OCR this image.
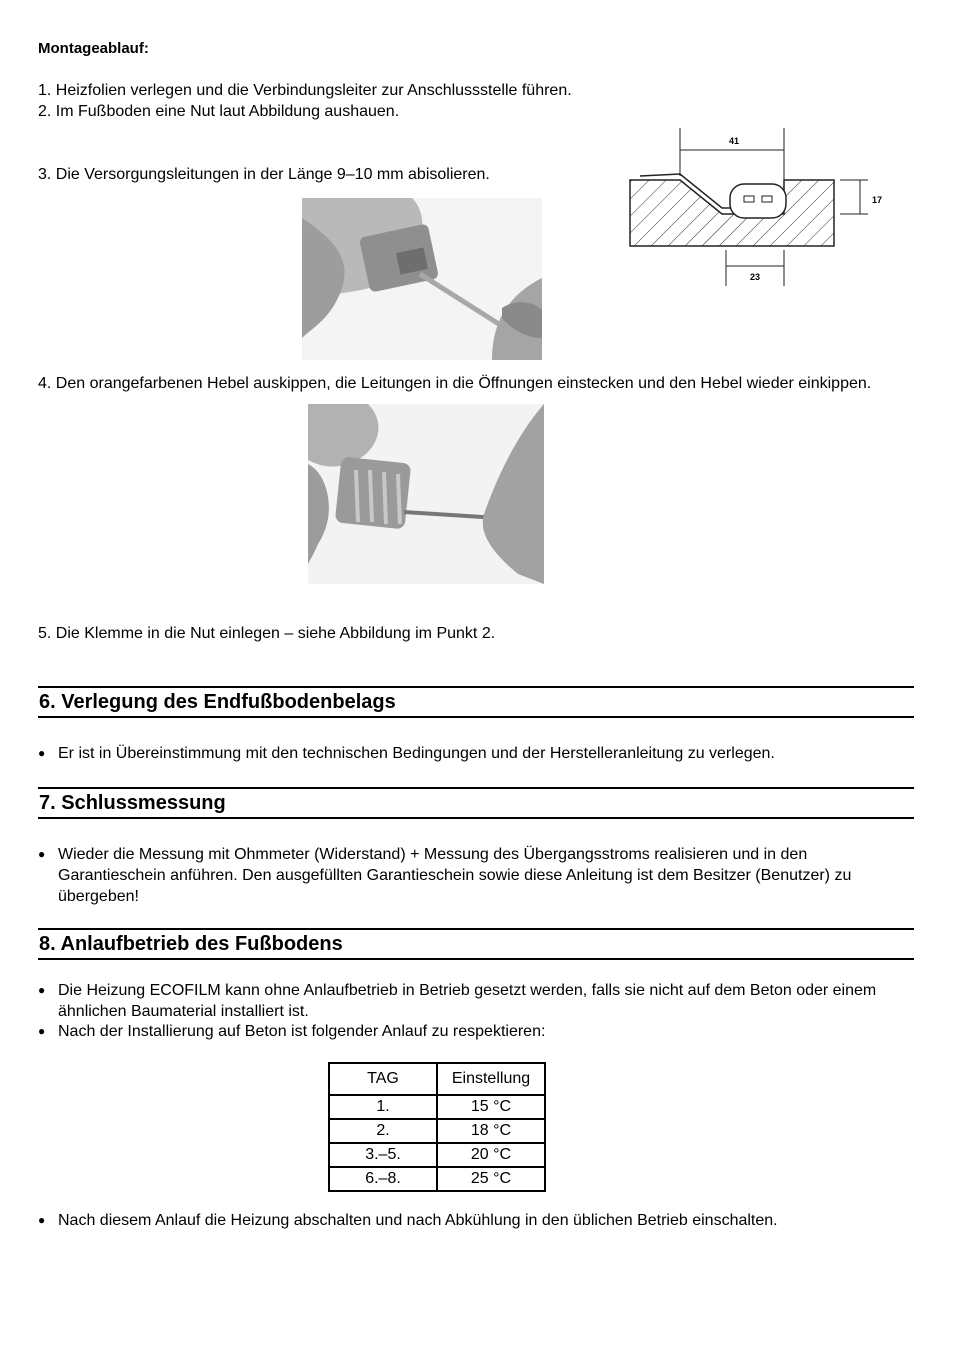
Montageablauf:
1. Heizfolien verlegen und die Verbindungsleiter zur Anschlussstelle führen.
2. Im Fußboden eine Nut laut Abbildung aushauen.
3. Die Versorgungsleitungen in der Länge 9–10 mm abisolieren.
41
17
23
4. Den orangefarbenen Hebel auskippen, die Leitungen in die Öffnungen einstecken und den Hebel wieder einkippen.
5. Die Klemme in die Nut einlegen – siehe Abbildung im Punkt 2.
6. Verlegung des Endfußbodenbelags
● Er ist in Übereinstimmung mit den technischen Bedingungen und der Herstelleranleitung zu verlegen.
7. Schlussmessung
● Wieder die Messung mit Ohmmeter (Widerstand) + Messung des Übergangsstroms realisieren und in den Garantieschein anführen. Den ausgefüllten Garantieschein sowie diese Anleitung ist dem Besitzer (Benutzer) zu übergeben!
8. Anlaufbetrieb des Fußbodens
● Die Heizung ECOFILM kann ohne Anlaufbetrieb in Betrieb gesetzt werden, falls sie nicht auf dem Beton oder einem ähnlichen Baumaterial installiert ist.
● Nach der Installierung auf Beton ist folgender Anlauf zu respektieren:
TAG	Einstellung
1.	15 °C
2.	18 °C
3.–5.	20 °C
6.–8.	25 °C
● Nach diesem Anlauf die Heizung abschalten und nach Abkühlung in den üblichen Betrieb einschalten.
